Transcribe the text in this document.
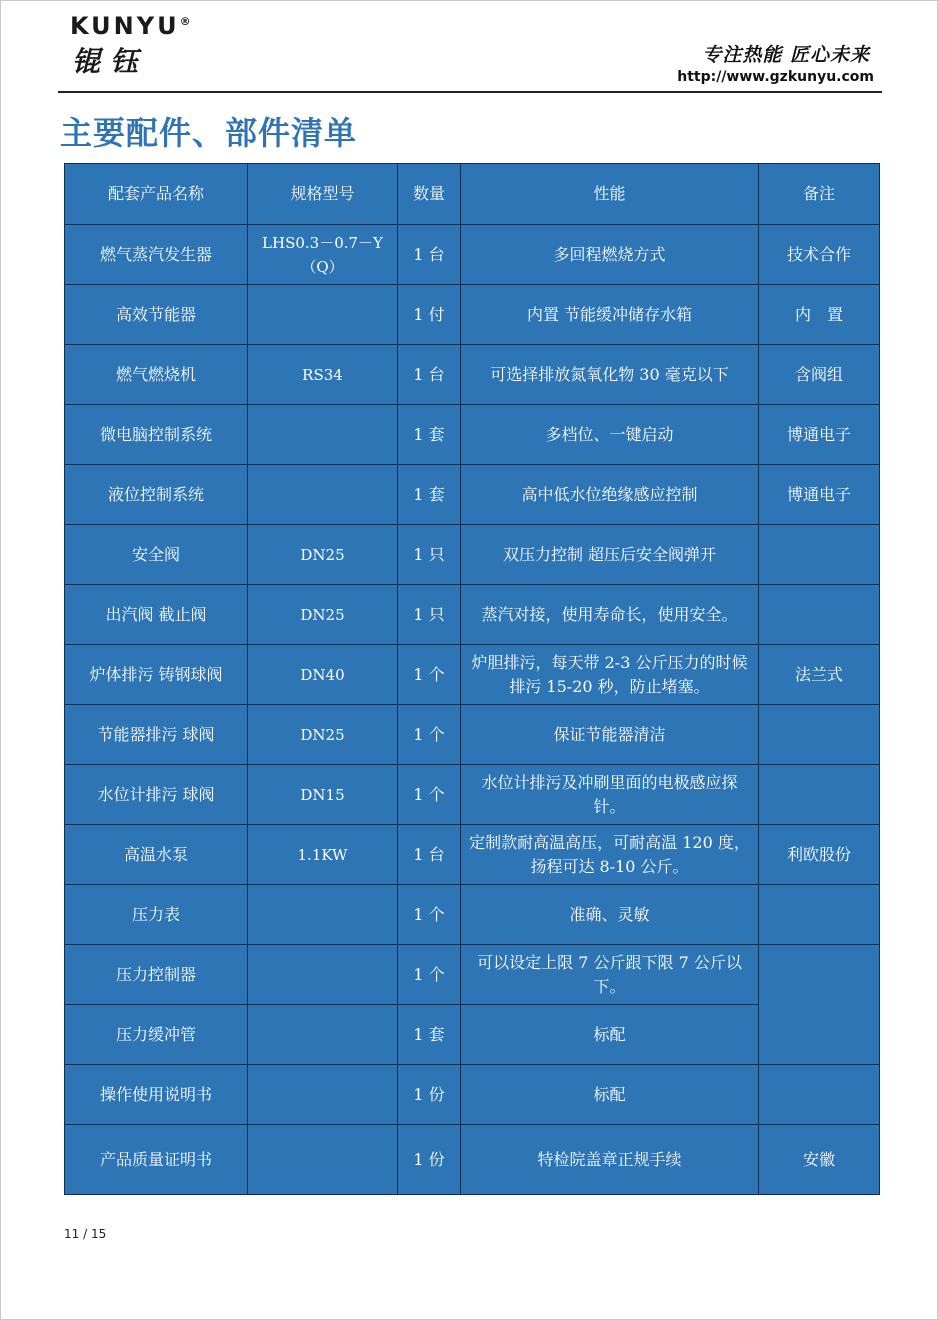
KUNYU®
锟钰	专注热能 匠心未来
http://www.gzkunyu.com
主要配件、部件清单
配套产品名称	规格型号	数量	性能	备注
燃气蒸汽发生器	LHS0.3－0.7－Y（Q）	1 台	多回程燃烧方式	技术合作
高效节能器		1 付	内置 节能缓冲储存水箱	内　置
燃气燃烧机	RS34	1 台	可选择排放氮氧化物 30 毫克以下	含阀组
微电脑控制系统		1 套	多档位、一键启动	博通电子
液位控制系统		1 套	高中低水位绝缘感应控制	博通电子
安全阀	DN25	1 只	双压力控制 超压后安全阀弹开	
出汽阀 截止阀	DN25	1 只	蒸汽对接，使用寿命长，使用安全。	
炉体排污 铸钢球阀	DN40	1 个	炉胆排污，每天带 2-3 公斤压力的时候排污 15-20 秒，防止堵塞。	法兰式
节能器排污 球阀	DN25	1 个	保证节能器清洁	
水位计排污 球阀	DN15	1 个	水位计排污及冲刷里面的电极感应探针。	
高温水泵	1.1KW	1 台	定制款耐高温高压，可耐高温 120 度，扬程可达 8-10 公斤。	利欧股份
压力表		1 个	准确、灵敏	
压力控制器		1 个	可以设定上限 7 公斤跟下限 7 公斤以下。	
压力缓冲管		1 套	标配	
操作使用说明书		1 份	标配	
产品质量证明书		1 份	特检院盖章正规手续	安徽
11 / 15
